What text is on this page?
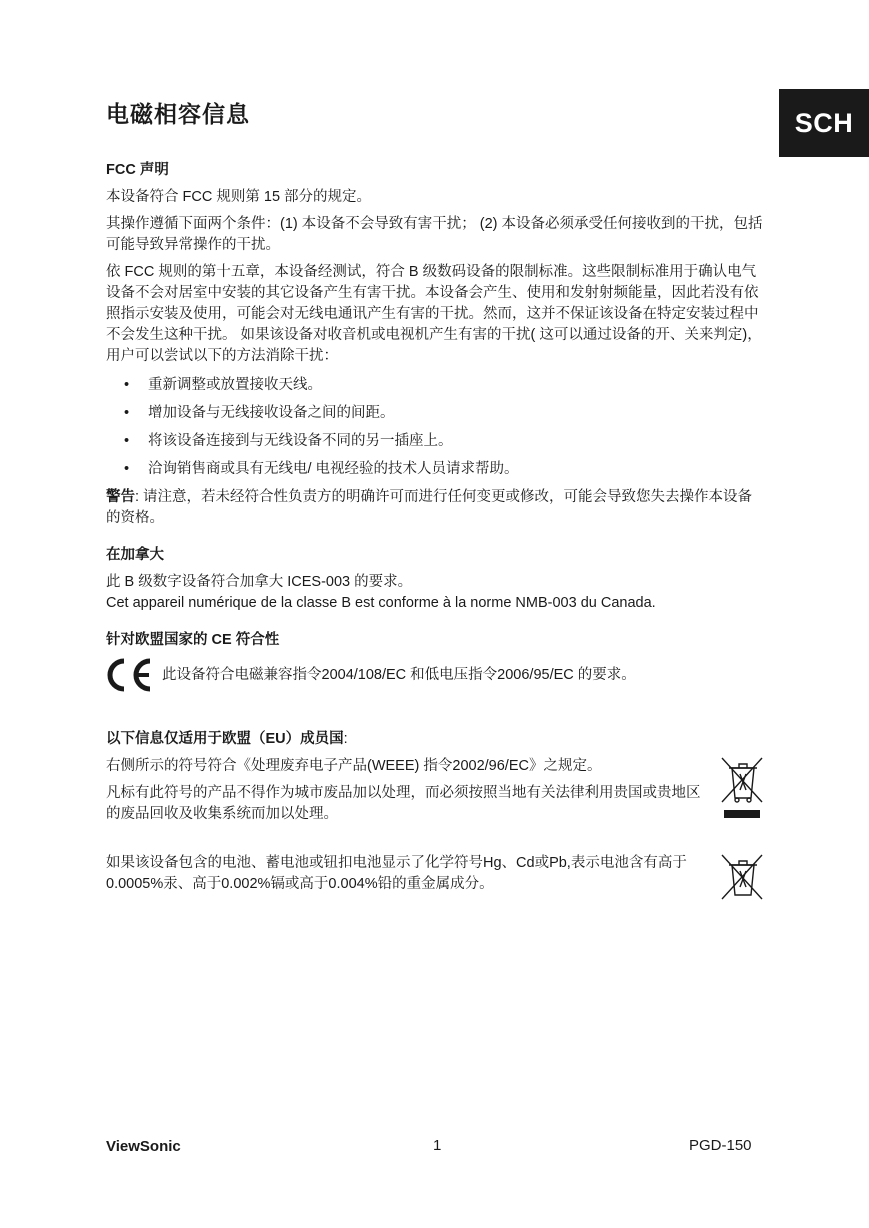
SCH
电磁相容信息
FCC 声明

本设备符合 FCC 规则第 15 部分的规定。

其操作遵循下面两个条件：(1) 本设备不会导致有害干扰； (2) 本设备必须承受任何接收到的干扰，包括可能导致异常操作的干扰。

依 FCC 规则的第十五章，本设备经测试，符合 B 级数码设备的限制标准。这些限制标准用于确认电气设备不会对居室中安装的其它设备产生有害干扰。本设备会产生、使用和发射射频能量，因此若没有依照指示安装及使用，可能会对无线电通讯产生有害的干扰。然而，这并不保证该设备在特定安装过程中不会发生这种干扰。 如果该设备对收音机或电视机产生有害的干扰( 这可以通过设备的开、关来判定)，用户可以尝试以下的方法消除干扰：

• 重新调整或放置接收天线。
• 增加设备与无线接收设备之间的间距。
• 将该设备连接到与无线设备不同的另一插座上。
• 洽询销售商或具有无线电/ 电视经验的技术人员请求帮助。

警告: 请注意，若未经符合性负责方的明确许可而进行任何变更或修改，可能会导致您失去操作本设备的资格。

在加拿大

此 B 级数字设备符合加拿大 ICES-003 的要求。

Cet appareil numérique de la classe B est conforme à la norme NMB-003 du Canada.

针对欧盟国家的 CE 符合性

此设备符合电磁兼容指令2004/108/EC 和低电压指令2006/95/EC 的要求。

以下信息仅适用于欧盟（EU）成员国:

右侧所示的符号符合《处理废弃电子产品(WEEE) 指令2002/96/EC》之规定。

凡标有此符号的产品不得作为城市废品加以处理，而必须按照当地有关法律利用贵国或贵地区的废品回收及收集系统而加以处理。

如果该设备包含的电池、蓄电池或钮扣电池显示了化学符号Hg、Cd或Pb,表示电池含有高于0.0005%汞、高于0.002%镉或高于0.004%铅的重金属成分。

ViewSonic	1	PGD-150
